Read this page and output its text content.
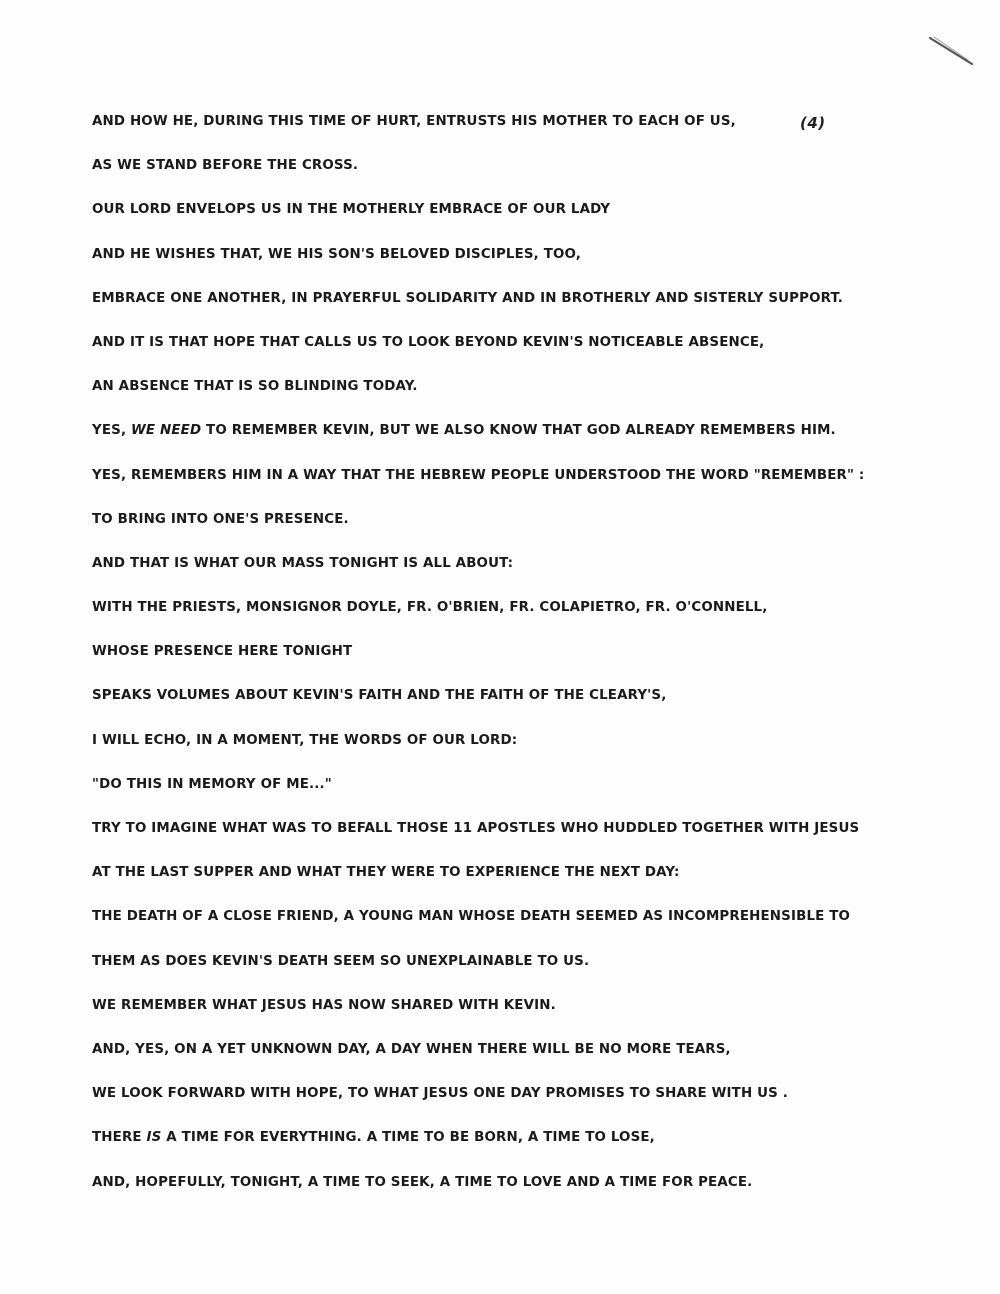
(4)
AND HOW HE, DURING THIS TIME OF HURT, ENTRUSTS HIS MOTHER TO EACH OF US,
AS WE STAND BEFORE THE CROSS.
OUR LORD ENVELOPS US IN THE MOTHERLY EMBRACE OF OUR LADY
AND HE WISHES THAT, WE HIS SON'S BELOVED DISCIPLES, TOO,
EMBRACE ONE ANOTHER, IN PRAYERFUL SOLIDARITY AND IN BROTHERLY AND SISTERLY SUPPORT.
AND IT IS THAT HOPE THAT CALLS US TO LOOK BEYOND KEVIN'S NOTICEABLE ABSENCE,
AN ABSENCE THAT IS SO BLINDING TODAY.
YES, WE NEED TO REMEMBER KEVIN, BUT WE ALSO KNOW THAT GOD ALREADY REMEMBERS HIM.
YES, REMEMBERS HIM IN A WAY THAT THE HEBREW PEOPLE UNDERSTOOD THE WORD "REMEMBER" :
TO BRING INTO ONE'S PRESENCE.
AND THAT IS WHAT OUR MASS TONIGHT IS ALL ABOUT:
WITH THE PRIESTS, MONSIGNOR DOYLE, FR. O'BRIEN, FR. COLAPIETRO, FR. O'CONNELL,
WHOSE PRESENCE HERE TONIGHT
SPEAKS VOLUMES ABOUT KEVIN'S FAITH AND THE FAITH OF THE CLEARY'S,
I WILL ECHO, IN A MOMENT, THE WORDS OF OUR LORD:
"DO THIS IN MEMORY OF ME..."
TRY TO IMAGINE WHAT WAS TO BEFALL THOSE 11 APOSTLES WHO HUDDLED TOGETHER WITH JESUS
AT THE LAST SUPPER AND WHAT THEY WERE TO EXPERIENCE THE NEXT DAY:
THE DEATH OF A CLOSE FRIEND, A YOUNG MAN WHOSE DEATH SEEMED AS INCOMPREHENSIBLE TO
THEM AS DOES KEVIN'S DEATH SEEM SO UNEXPLAINABLE TO US.
WE REMEMBER WHAT JESUS HAS NOW SHARED WITH KEVIN.
AND, YES, ON A YET UNKNOWN DAY, A DAY WHEN THERE WILL BE NO MORE TEARS,
WE LOOK FORWARD WITH HOPE, TO WHAT JESUS ONE DAY PROMISES TO SHARE WITH US .
THERE IS A TIME FOR EVERYTHING. A TIME TO BE BORN, A TIME TO LOSE,
AND, HOPEFULLY, TONIGHT, A TIME TO SEEK, A TIME TO LOVE AND A TIME FOR PEACE.
